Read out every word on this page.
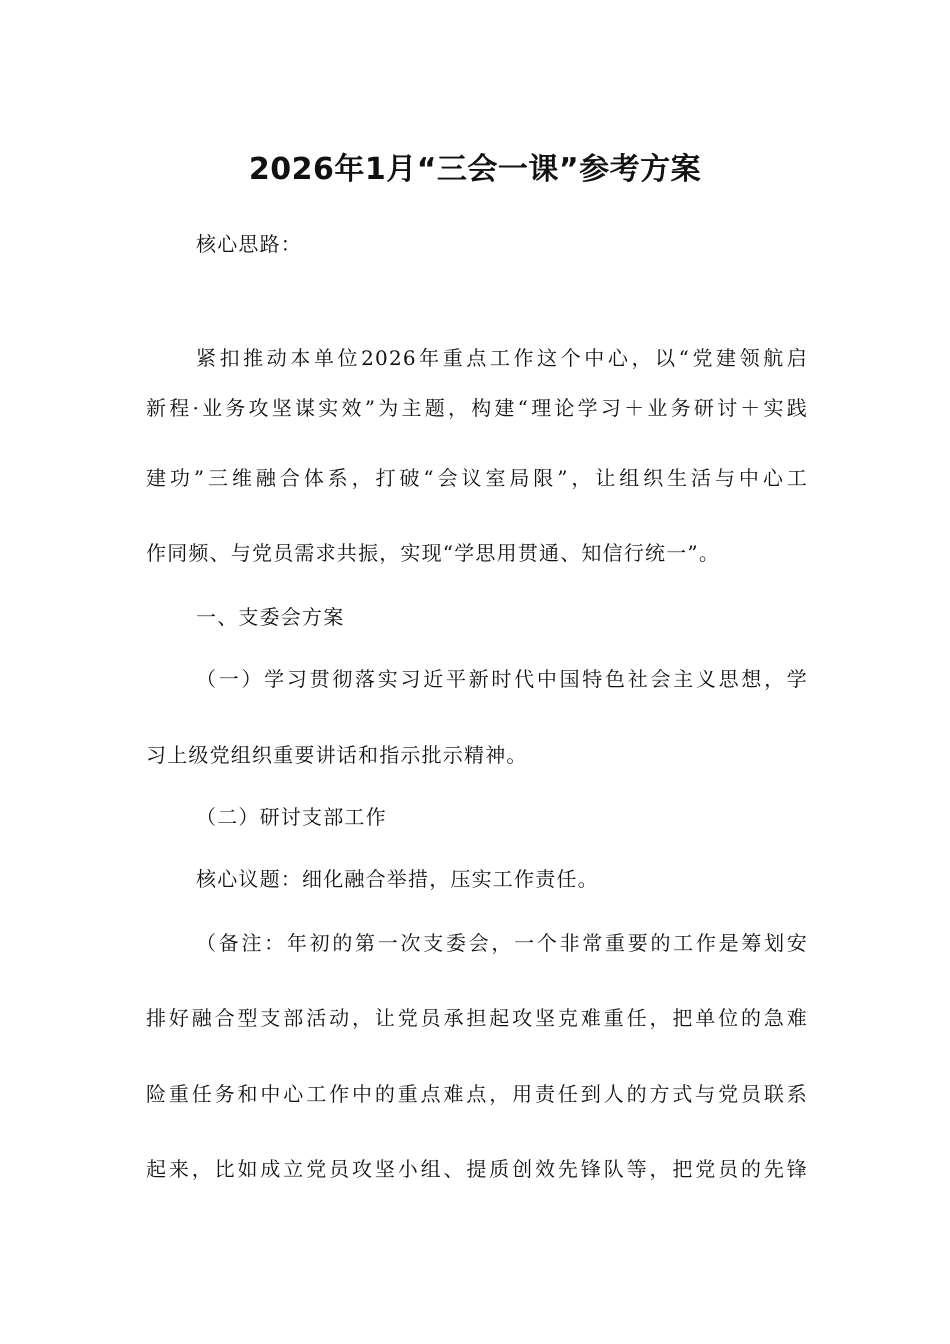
2026年1月“三会一课”参考方案

核心思路：

紧扣推动本单位2026年重点工作这个中心，以“党建领航启

新程·业务攻坚谋实效”为主题，构建“理论学习＋业务研讨＋实践

建功”三维融合体系，打破“会议室局限”，让组织生活与中心工

作同频、与党员需求共振，实现“学思用贯通、知信行统一”。

一、支委会方案

（一）学习贯彻落实习近平新时代中国特色社会主义思想，学

习上级党组织重要讲话和指示批示精神。

（二）研讨支部工作

核心议题：细化融合举措，压实工作责任。

（备注：年初的第一次支委会，一个非常重要的工作是筹划安

排好融合型支部活动，让党员承担起攻坚克难重任，把单位的急难

险重任务和中心工作中的重点难点，用责任到人的方式与党员联系

起来，比如成立党员攻坚小组、提质创效先锋队等，把党员的先锋
